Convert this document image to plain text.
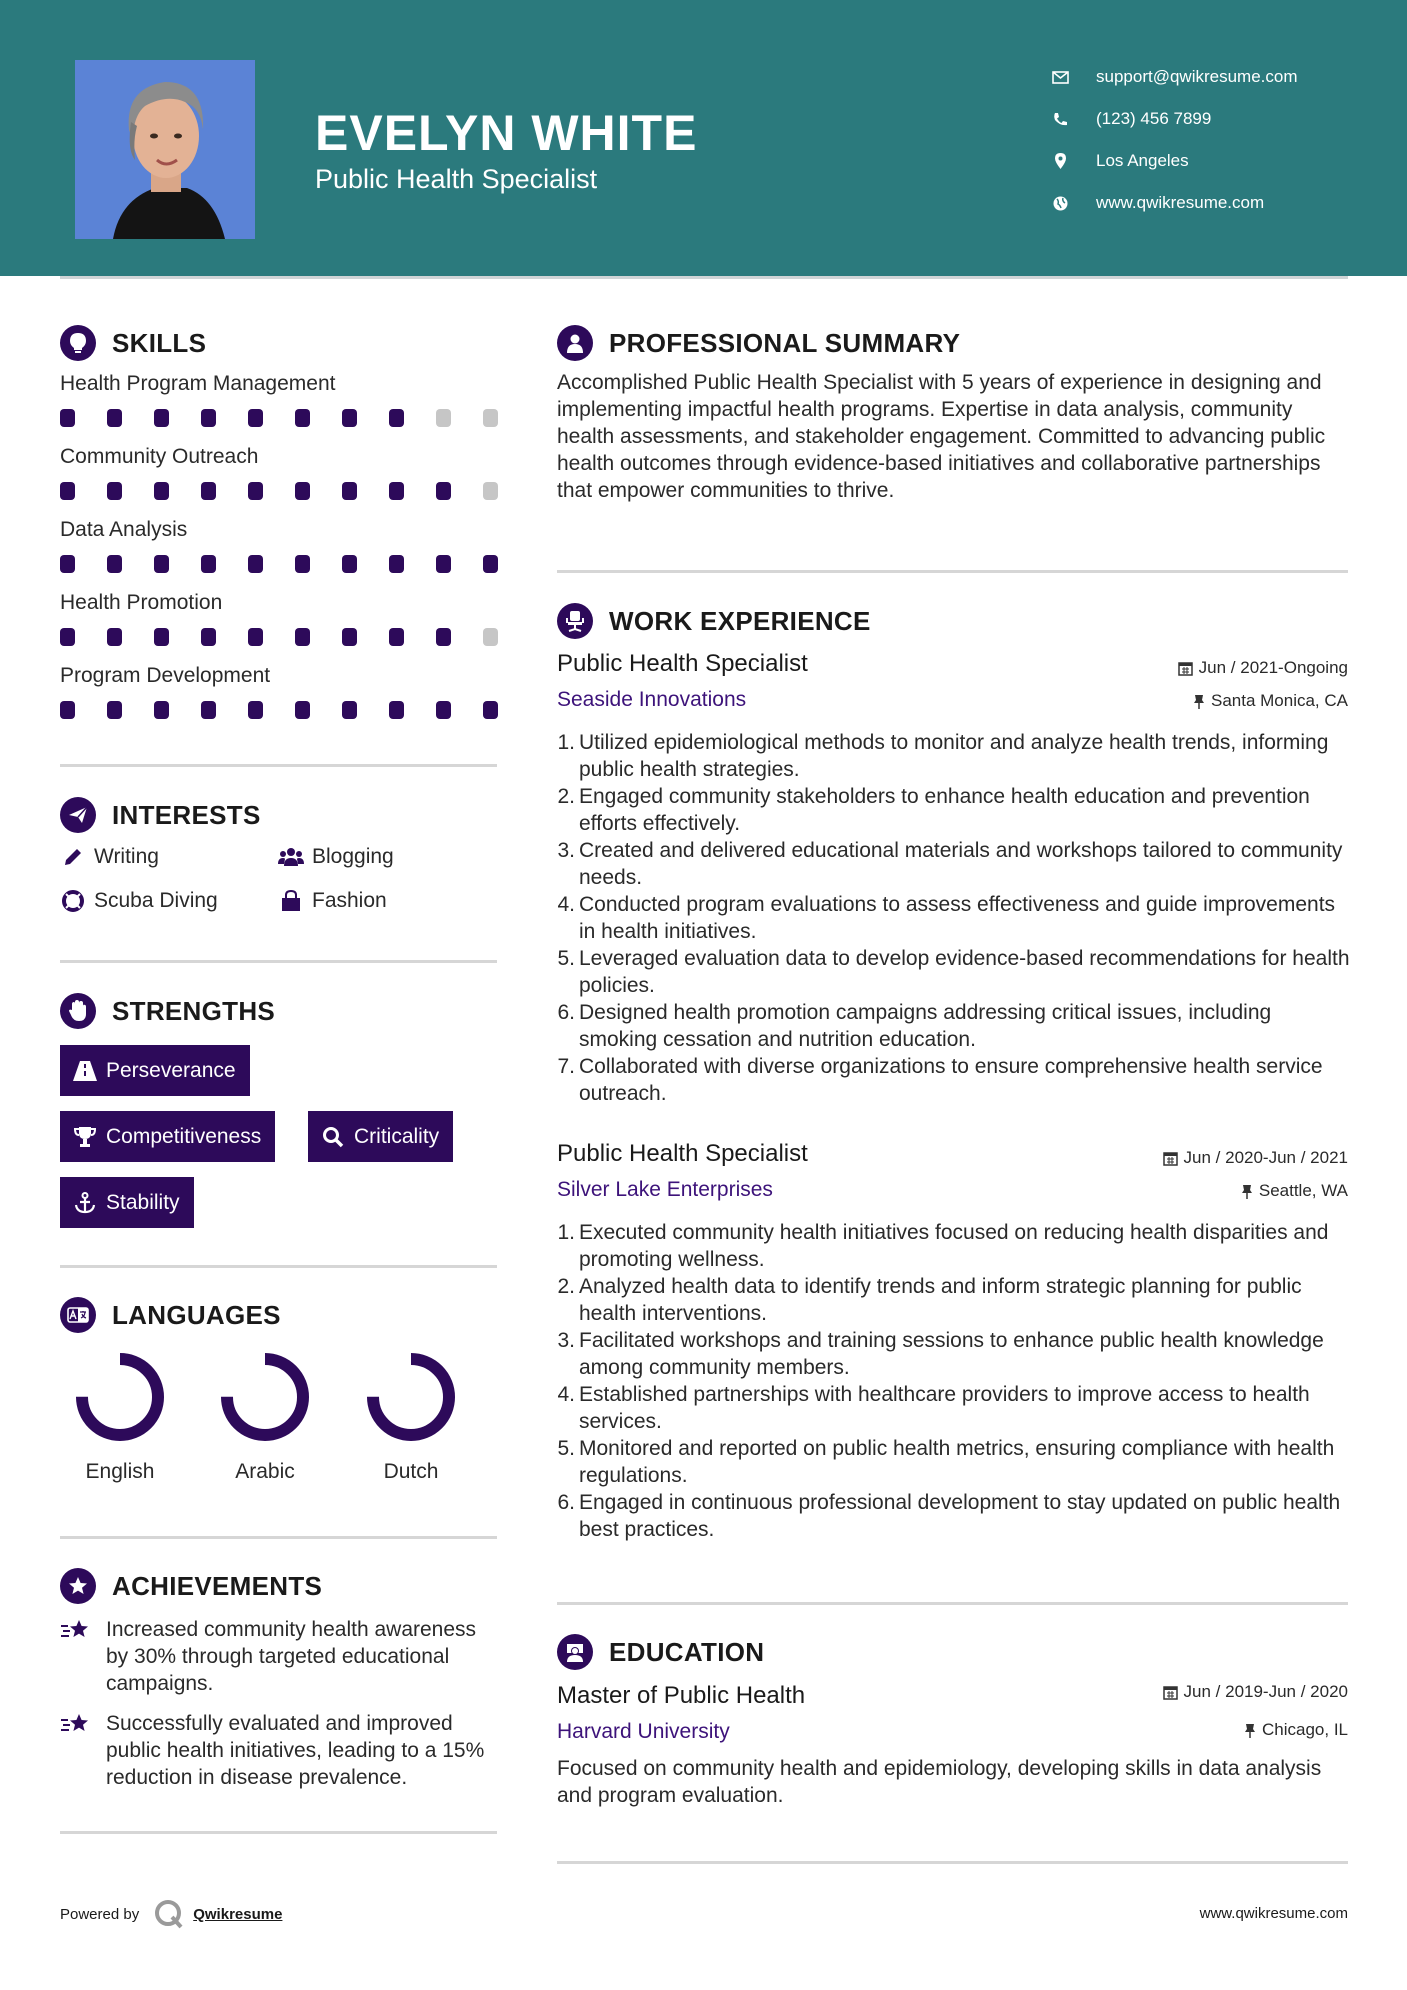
EVELYN WHITE
Public Health Specialist
support@qwikresume.com
(123) 456 7899
Los Angeles
www.qwikresume.com
SKILLS
Health Program Management
Community Outreach
Data Analysis
Health Promotion
Program Development
INTERESTS
Writing	Blogging
Scuba Diving	Fashion
STRENGTHS
Perseverance
Competitiveness	Criticality
Stability
LANGUAGES
English	Arabic	Dutch
ACHIEVEMENTS
Increased community health awareness by 30% through targeted educational campaigns.
Successfully evaluated and improved public health initiatives, leading to a 15% reduction in disease prevalence.
PROFESSIONAL SUMMARY
Accomplished Public Health Specialist with 5 years of experience in designing and implementing impactful health programs. Expertise in data analysis, community health assessments, and stakeholder engagement. Committed to advancing public health outcomes through evidence-based initiatives and collaborative partnerships that empower communities to thrive.
WORK EXPERIENCE
Public Health Specialist	Jun / 2021-Ongoing
Seaside Innovations	Santa Monica, CA
1. Utilized epidemiological methods to monitor and analyze health trends, informing public health strategies.
2. Engaged community stakeholders to enhance health education and prevention efforts effectively.
3. Created and delivered educational materials and workshops tailored to community needs.
4. Conducted program evaluations to assess effectiveness and guide improvements in health initiatives.
5. Leveraged evaluation data to develop evidence-based recommendations for health policies.
6. Designed health promotion campaigns addressing critical issues, including smoking cessation and nutrition education.
7. Collaborated with diverse organizations to ensure comprehensive health service outreach.
Public Health Specialist	Jun / 2020-Jun / 2021
Silver Lake Enterprises	Seattle, WA
1. Executed community health initiatives focused on reducing health disparities and promoting wellness.
2. Analyzed health data to identify trends and inform strategic planning for public health interventions.
3. Facilitated workshops and training sessions to enhance public health knowledge among community members.
4. Established partnerships with healthcare providers to improve access to health services.
5. Monitored and reported on public health metrics, ensuring compliance with health regulations.
6. Engaged in continuous professional development to stay updated on public health best practices.
EDUCATION
Master of Public Health	Jun / 2019-Jun / 2020
Harvard University	Chicago, IL
Focused on community health and epidemiology, developing skills in data analysis and program evaluation.
Powered by	Qwikresume	www.qwikresume.com
